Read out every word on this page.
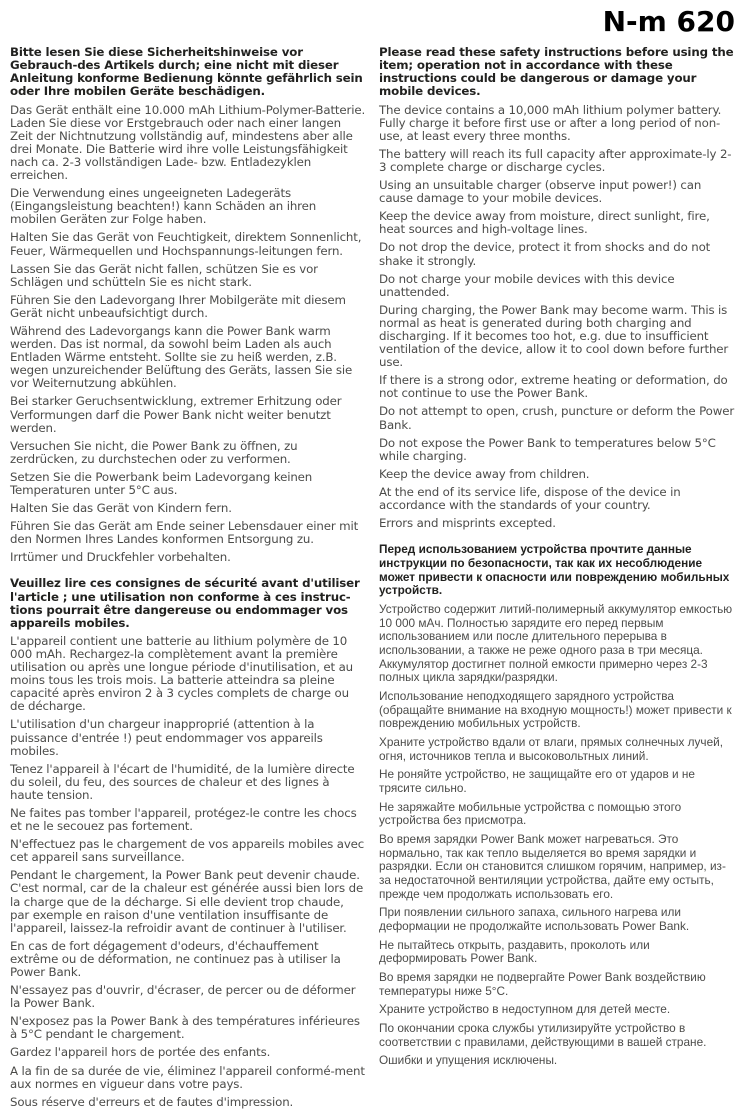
N-m 620

Bitte lesen Sie diese Sicherheitshinweise vor Gebrauch-des Artikels durch; eine nicht mit dieser Anleitung konforme Bedienung könnte gefährlich sein oder Ihre mobilen Geräte beschädigen.

Das Gerät enthält eine 10.000 mAh Lithium-Polymer-Batterie. Laden Sie diese vor Erstgebrauch oder nach einer langen Zeit der Nichtnutzung vollständig auf, mindestens aber alle drei Monate. Die Batterie wird ihre volle Leistungsfähigkeit nach ca. 2-3 vollständigen Lade- bzw. Entladezyklen erreichen.

Die Verwendung eines ungeeigneten Ladegeräts (Eingangsleistung beachten!) kann Schäden an ihren mobilen Geräten zur Folge haben.

Halten Sie das Gerät von Feuchtigkeit, direktem Sonnenlicht, Feuer, Wärmequellen und Hochspannungs-leitungen fern.

Lassen Sie das Gerät nicht fallen, schützen Sie es vor Schlägen und schütteln Sie es nicht stark.

Führen Sie den Ladevorgang Ihrer Mobilgeräte mit diesem Gerät nicht unbeaufsichtigt durch.

Während des Ladevorgangs kann die Power Bank warm werden. Das ist normal, da sowohl beim Laden als auch Entladen Wärme entsteht. Sollte sie zu heiß werden, z.B. wegen unzureichender Belüftung des Geräts, lassen Sie sie vor Weiternutzung abkühlen.

Bei starker Geruchsentwicklung, extremer Erhitzung oder Verformungen darf die Power Bank nicht weiter benutzt werden.

Versuchen Sie nicht, die Power Bank zu öffnen, zu zerdrücken, zu durchstechen oder zu verformen.

Setzen Sie die Powerbank beim Ladevorgang keinen Temperaturen unter 5°C aus.

Halten Sie das Gerät von Kindern fern.

Führen Sie das Gerät am Ende seiner Lebensdauer einer mit den Normen Ihres Landes konformen Entsorgung zu.

Irrtümer und Druckfehler vorbehalten.

Veuillez lire ces consignes de sécurité avant d'utiliser l'article ; une utilisation non conforme à ces instruc-tions pourrait être dangereuse ou endommager vos appareils mobiles.

L'appareil contient une batterie au lithium polymère de 10 000 mAh. Rechargez-la complètement avant la première utilisation ou après une longue période d'inutilisation, et au moins tous les trois mois. La batterie atteindra sa pleine capacité après environ 2 à 3 cycles complets de charge ou de décharge.

L'utilisation d'un chargeur inapproprié (attention à la puissance d'entrée !) peut endommager vos appareils mobiles.

Tenez l'appareil à l'écart de l'humidité, de la lumière directe du soleil, du feu, des sources de chaleur et des lignes à haute tension.

Ne faites pas tomber l'appareil, protégez-le contre les chocs et ne le secouez pas fortement.

N'effectuez pas le chargement de vos appareils mobiles avec cet appareil sans surveillance.

Pendant le chargement, la Power Bank peut devenir chaude. C'est normal, car de la chaleur est générée aussi bien lors de la charge que de la décharge. Si elle devient trop chaude, par exemple en raison d'une ventilation insuffisante de l'appareil, laissez-la refroidir avant de continuer à l'utiliser.

En cas de fort dégagement d'odeurs, d'échauffement extrême ou de déformation, ne continuez pas à utiliser la Power Bank.

N'essayez pas d'ouvrir, d'écraser, de percer ou de déformer la Power Bank.

N'exposez pas la Power Bank à des températures inférieures à 5°C pendant le chargement.

Gardez l'appareil hors de portée des enfants.

A la fin de sa durée de vie, éliminez l'appareil conformé-ment aux normes en vigueur dans votre pays.

Sous réserve d'erreurs et de fautes d'impression.

Please read these safety instructions before using the item; operation not in accordance with these instructions could be dangerous or damage your mobile devices.

The device contains a 10,000 mAh lithium polymer battery. Fully charge it before first use or after a long period of non-use, at least every three months.

The battery will reach its full capacity after approximate-ly 2-3 complete charge or discharge cycles.

Using an unsuitable charger (observe input power!) can cause damage to your mobile devices.

Keep the device away from moisture, direct sunlight, fire, heat sources and high-voltage lines.

Do not drop the device, protect it from shocks and do not shake it strongly.

Do not charge your mobile devices with this device unattended.

During charging, the Power Bank may become warm. This is normal as heat is generated during both charging and discharging. If it becomes too hot, e.g. due to insufficient ventilation of the device, allow it to cool down before further use.

If there is a strong odor, extreme heating or deformation, do not continue to use the Power Bank.

Do not attempt to open, crush, puncture or deform the Power Bank.

Do not expose the Power Bank to temperatures below 5°C while charging.

Keep the device away from children.

At the end of its service life, dispose of the device in accordance with the standards of your country.

Errors and misprints excepted.

Перед использованием устройства прочтите данные инструкции по безопасности, так как их несоблюдение может привести к опасности или повреждению мобильных устройств.

Устройство содержит литий-полимерный аккумулятор емкостью 10 000 мАч. Полностью зарядите его перед первым использованием или после длительного перерыва в использовании, а также не реже одного раза в три месяца. Аккумулятор достигнет полной емкости примерно через 2-3 полных цикла зарядки/разрядки.

Использование неподходящего зарядного устройства (обращайте внимание на входную мощность!) может привести к повреждению мобильных устройств.

Храните устройство вдали от влаги, прямых солнечных лучей, огня, источников тепла и высоковольтных линий.

Не роняйте устройство, не защищайте его от ударов и не трясите сильно.

Не заряжайте мобильные устройства с помощью этого устройства без присмотра.

Во время зарядки Power Bank может нагреваться. Это нормально, так как тепло выделяется во время зарядки и разрядки. Если он становится слишком горячим, например, из-за недостаточной вентиляции устройства, дайте ему остыть, прежде чем продолжать использовать его.

При появлении сильного запаха, сильного нагрева или деформации не продолжайте использовать Power Bank.

Не пытайтесь открыть, раздавить, проколоть или деформировать Power Bank.

Во время зарядки не подвергайте Power Bank воздействию температуры ниже 5°C.

Храните устройство в недоступном для детей месте.

По окончании срока службы утилизируйте устройство в соответствии с правилами, действующими в вашей стране.

Ошибки и упущения исключены.
